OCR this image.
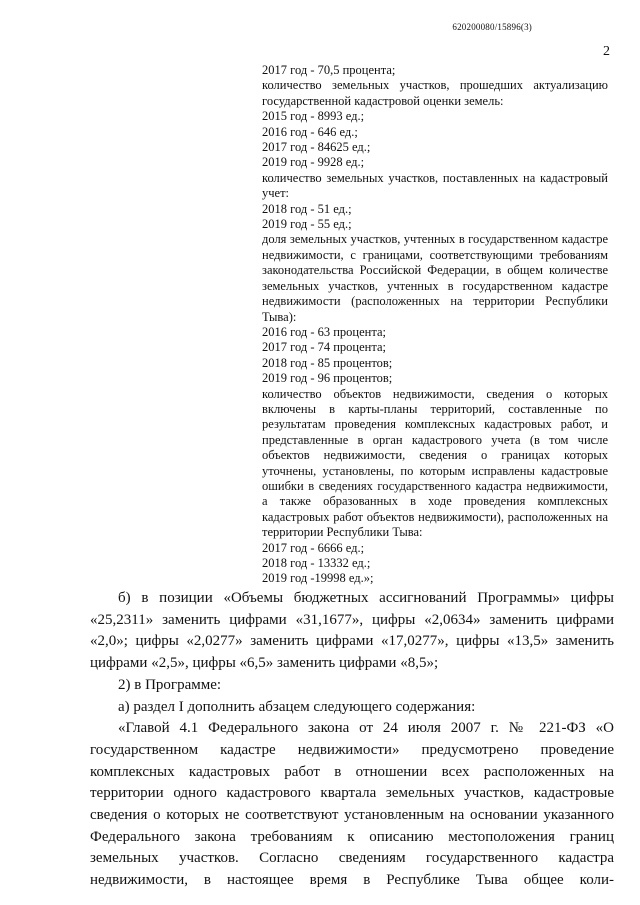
620200080/15896(3)
2

2017 год - 70,5 процента;

количество земельных участков, прошедших актуализацию государственной кадастровой оценки земель:

2015 год - 8993 ед.;

2016 год - 646 ед.;

2017 год - 84625 ед.;

2019 год - 9928 ед.;

количество земельных участков, поставленных на кадастровый учет:

2018 год - 51 ед.;

2019 год - 55 ед.;

доля земельных участков, учтенных в государственном кадастре недвижимости, с границами, соответствующими требованиям законодательства Российской Федерации, в общем количестве земельных участков, учтенных в государственном кадастре недвижимости (расположенных на территории Республики Тыва):

2016 год - 63 процента;

2017 год - 74 процента;

2018 год - 85 процентов;

2019 год - 96 процентов;

количество объектов недвижимости, сведения о которых включены в карты-планы территорий, составленные по результатам проведения комплексных кадастровых работ, и представленные в орган кадастрового учета (в том числе объектов недвижимости, сведения о границах которых уточнены, установлены, по которым исправлены кадастровые ошибки в сведениях государственного кадастра недвижимости, а также образованных в ходе проведения комплексных кадастровых работ объектов недвижимости), расположенных на территории Республики Тыва:

2017 год - 6666 ед.;

2018 год - 13332 ед.;

2019 год -19998 ед.»;

б) в позиции «Объемы бюджетных ассигнований Программы» цифры «25,2311» заменить цифрами «31,1677», цифры «2,0634» заменить цифрами «2,0»; цифры «2,0277» заменить цифрами «17,0277», цифры «13,5» заменить цифрами «2,5», цифры «6,5» заменить цифрами «8,5»;

2) в Программе:

а) раздел I дополнить абзацем следующего содержания:

«Главой 4.1 Федерального закона от 24 июля 2007 г. № 221-ФЗ «О государственном кадастре недвижимости» предусмотрено проведение комплексных кадастровых работ в отношении всех расположенных на территории одного кадастрового квартала земельных участков, кадастровые сведения о которых не соответствуют установленным на основании указанного Федерального закона требованиям к описанию местоположения границ земельных участков. Согласно сведениям государственного кадастра недвижимости, в настоящее время в Республике Тыва общее коли-
